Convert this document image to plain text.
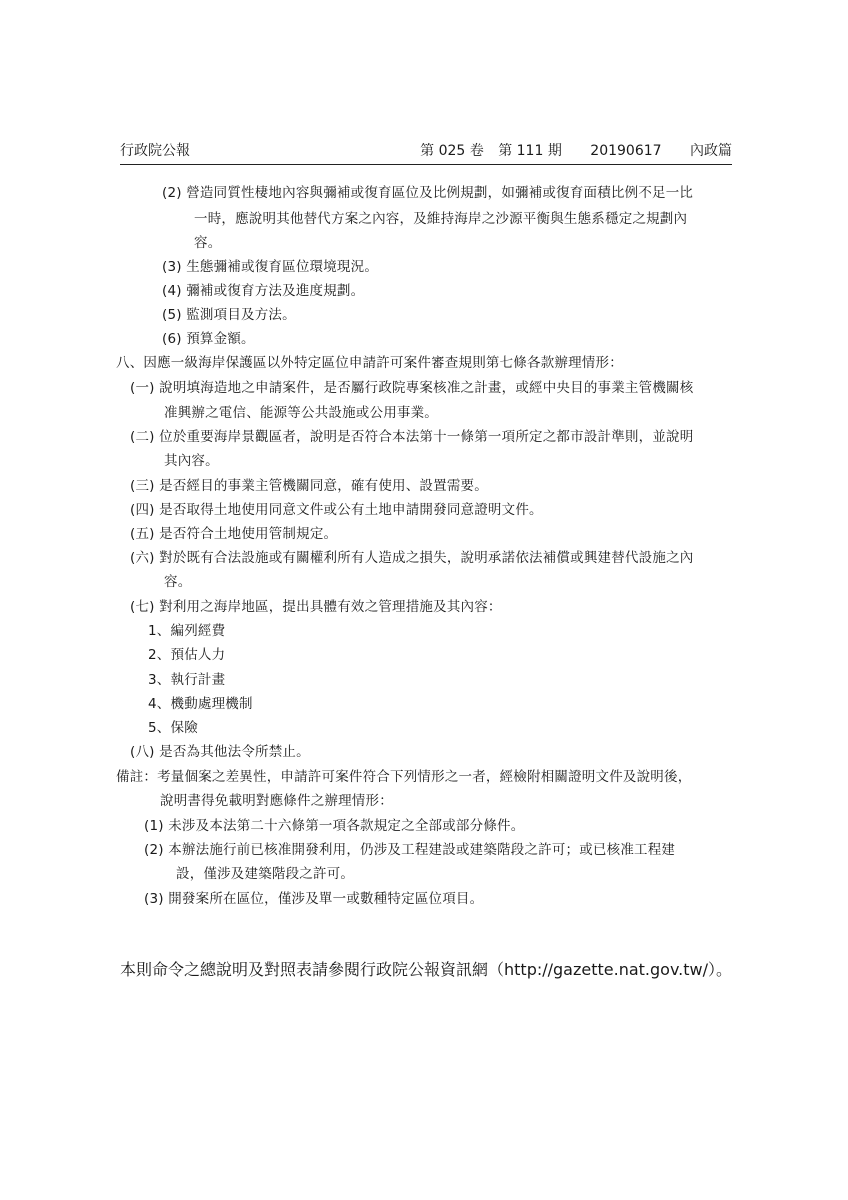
行政院公報	第 025 卷 第 111 期 20190617 內政篇
(2) 營造同質性棲地內容與彌補或復育區位及比例規劃，如彌補或復育面積比例不足一比
一時，應說明其他替代方案之內容，及維持海岸之沙源平衡與生態系穩定之規劃內
容。
(3) 生態彌補或復育區位環境現況。
(4) 彌補或復育方法及進度規劃。
(5) 監測項目及方法。
(6) 預算金額。
八、因應一級海岸保護區以外特定區位申請許可案件審查規則第七條各款辦理情形：
(一) 說明填海造地之申請案件，是否屬行政院專案核准之計畫，或經中央目的事業主管機關核
准興辦之電信、能源等公共設施或公用事業。
(二) 位於重要海岸景觀區者，說明是否符合本法第十一條第一項所定之都市設計準則，並說明
其內容。
(三) 是否經目的事業主管機關同意，確有使用、設置需要。
(四) 是否取得土地使用同意文件或公有土地申請開發同意證明文件。
(五) 是否符合土地使用管制規定。
(六) 對於既有合法設施或有關權利所有人造成之損失，說明承諾依法補償或興建替代設施之內
容。
(七) 對利用之海岸地區，提出具體有效之管理措施及其內容：
1、編列經費
2、預估人力
3、執行計畫
4、機動處理機制
5、保險
(八) 是否為其他法令所禁止。
備註：考量個案之差異性，申請許可案件符合下列情形之一者，經檢附相關證明文件及說明後，
說明書得免載明對應條件之辦理情形：
(1) 未涉及本法第二十六條第一項各款規定之全部或部分條件。
(2) 本辦法施行前已核准開發利用，仍涉及工程建設或建築階段之許可；或已核准工程建
設，僅涉及建築階段之許可。
(3) 開發案所在區位，僅涉及單一或數種特定區位項目。
本則命令之總說明及對照表請參閱行政院公報資訊網（http://gazette.nat.gov.tw/）。
